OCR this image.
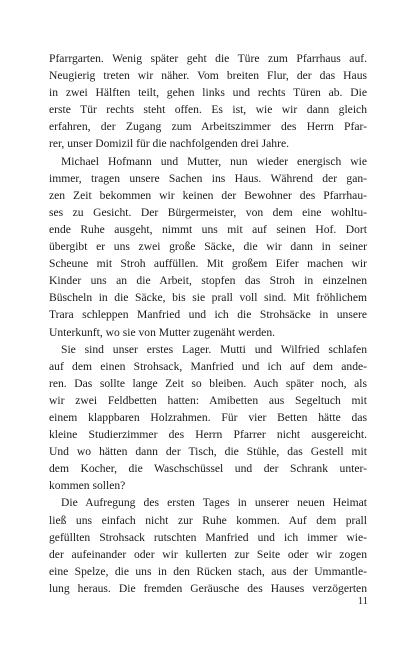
Pfarrgarten. Wenig später geht die Türe zum Pfarrhaus auf.
Neugierig treten wir näher. Vom breiten Flur, der das Haus
in zwei Hälften teilt, gehen links und rechts Türen ab. Die
erste Tür rechts steht offen. Es ist, wie wir dann gleich
erfahren, der Zugang zum Arbeitszimmer des Herrn Pfar-
rer, unser Domizil für die nachfolgenden drei Jahre.
Michael Hofmann und Mutter, nun wieder energisch wie
immer, tragen unsere Sachen ins Haus. Während der gan-
zen Zeit bekommen wir keinen der Bewohner des Pfarrhau-
ses zu Gesicht. Der Bürgermeister, von dem eine wohltu-
ende Ruhe ausgeht, nimmt uns mit auf seinen Hof. Dort
übergibt er uns zwei große Säcke, die wir dann in seiner
Scheune mit Stroh auffüllen. Mit großem Eifer machen wir
Kinder uns an die Arbeit, stopfen das Stroh in einzelnen
Büscheln in die Säcke, bis sie prall voll sind. Mit fröhlichem
Trara schleppen Manfried und ich die Strohsäcke in unsere
Unterkunft, wo sie von Mutter zugenäht werden.
Sie sind unser erstes Lager. Mutti und Wilfried schlafen
auf dem einen Strohsack, Manfried und ich auf dem ande-
ren. Das sollte lange Zeit so bleiben. Auch später noch, als
wir zwei Feldbetten hatten: Amibetten aus Segeltuch mit
einem klappbaren Holzrahmen. Für vier Betten hätte das
kleine Studierzimmer des Herrn Pfarrer nicht ausgereicht.
Und wo hätten dann der Tisch, die Stühle, das Gestell mit
dem Kocher, die Waschschüssel und der Schrank unter-
kommen sollen?
Die Aufregung des ersten Tages in unserer neuen Heimat
ließ uns einfach nicht zur Ruhe kommen. Auf dem prall
gefüllten Strohsack rutschten Manfried und ich immer wie-
der aufeinander oder wir kullerten zur Seite oder wir zogen
eine Spelze, die uns in den Rücken stach, aus der Ummantle-
lung heraus. Die fremden Geräusche des Hauses verzögerten
11
